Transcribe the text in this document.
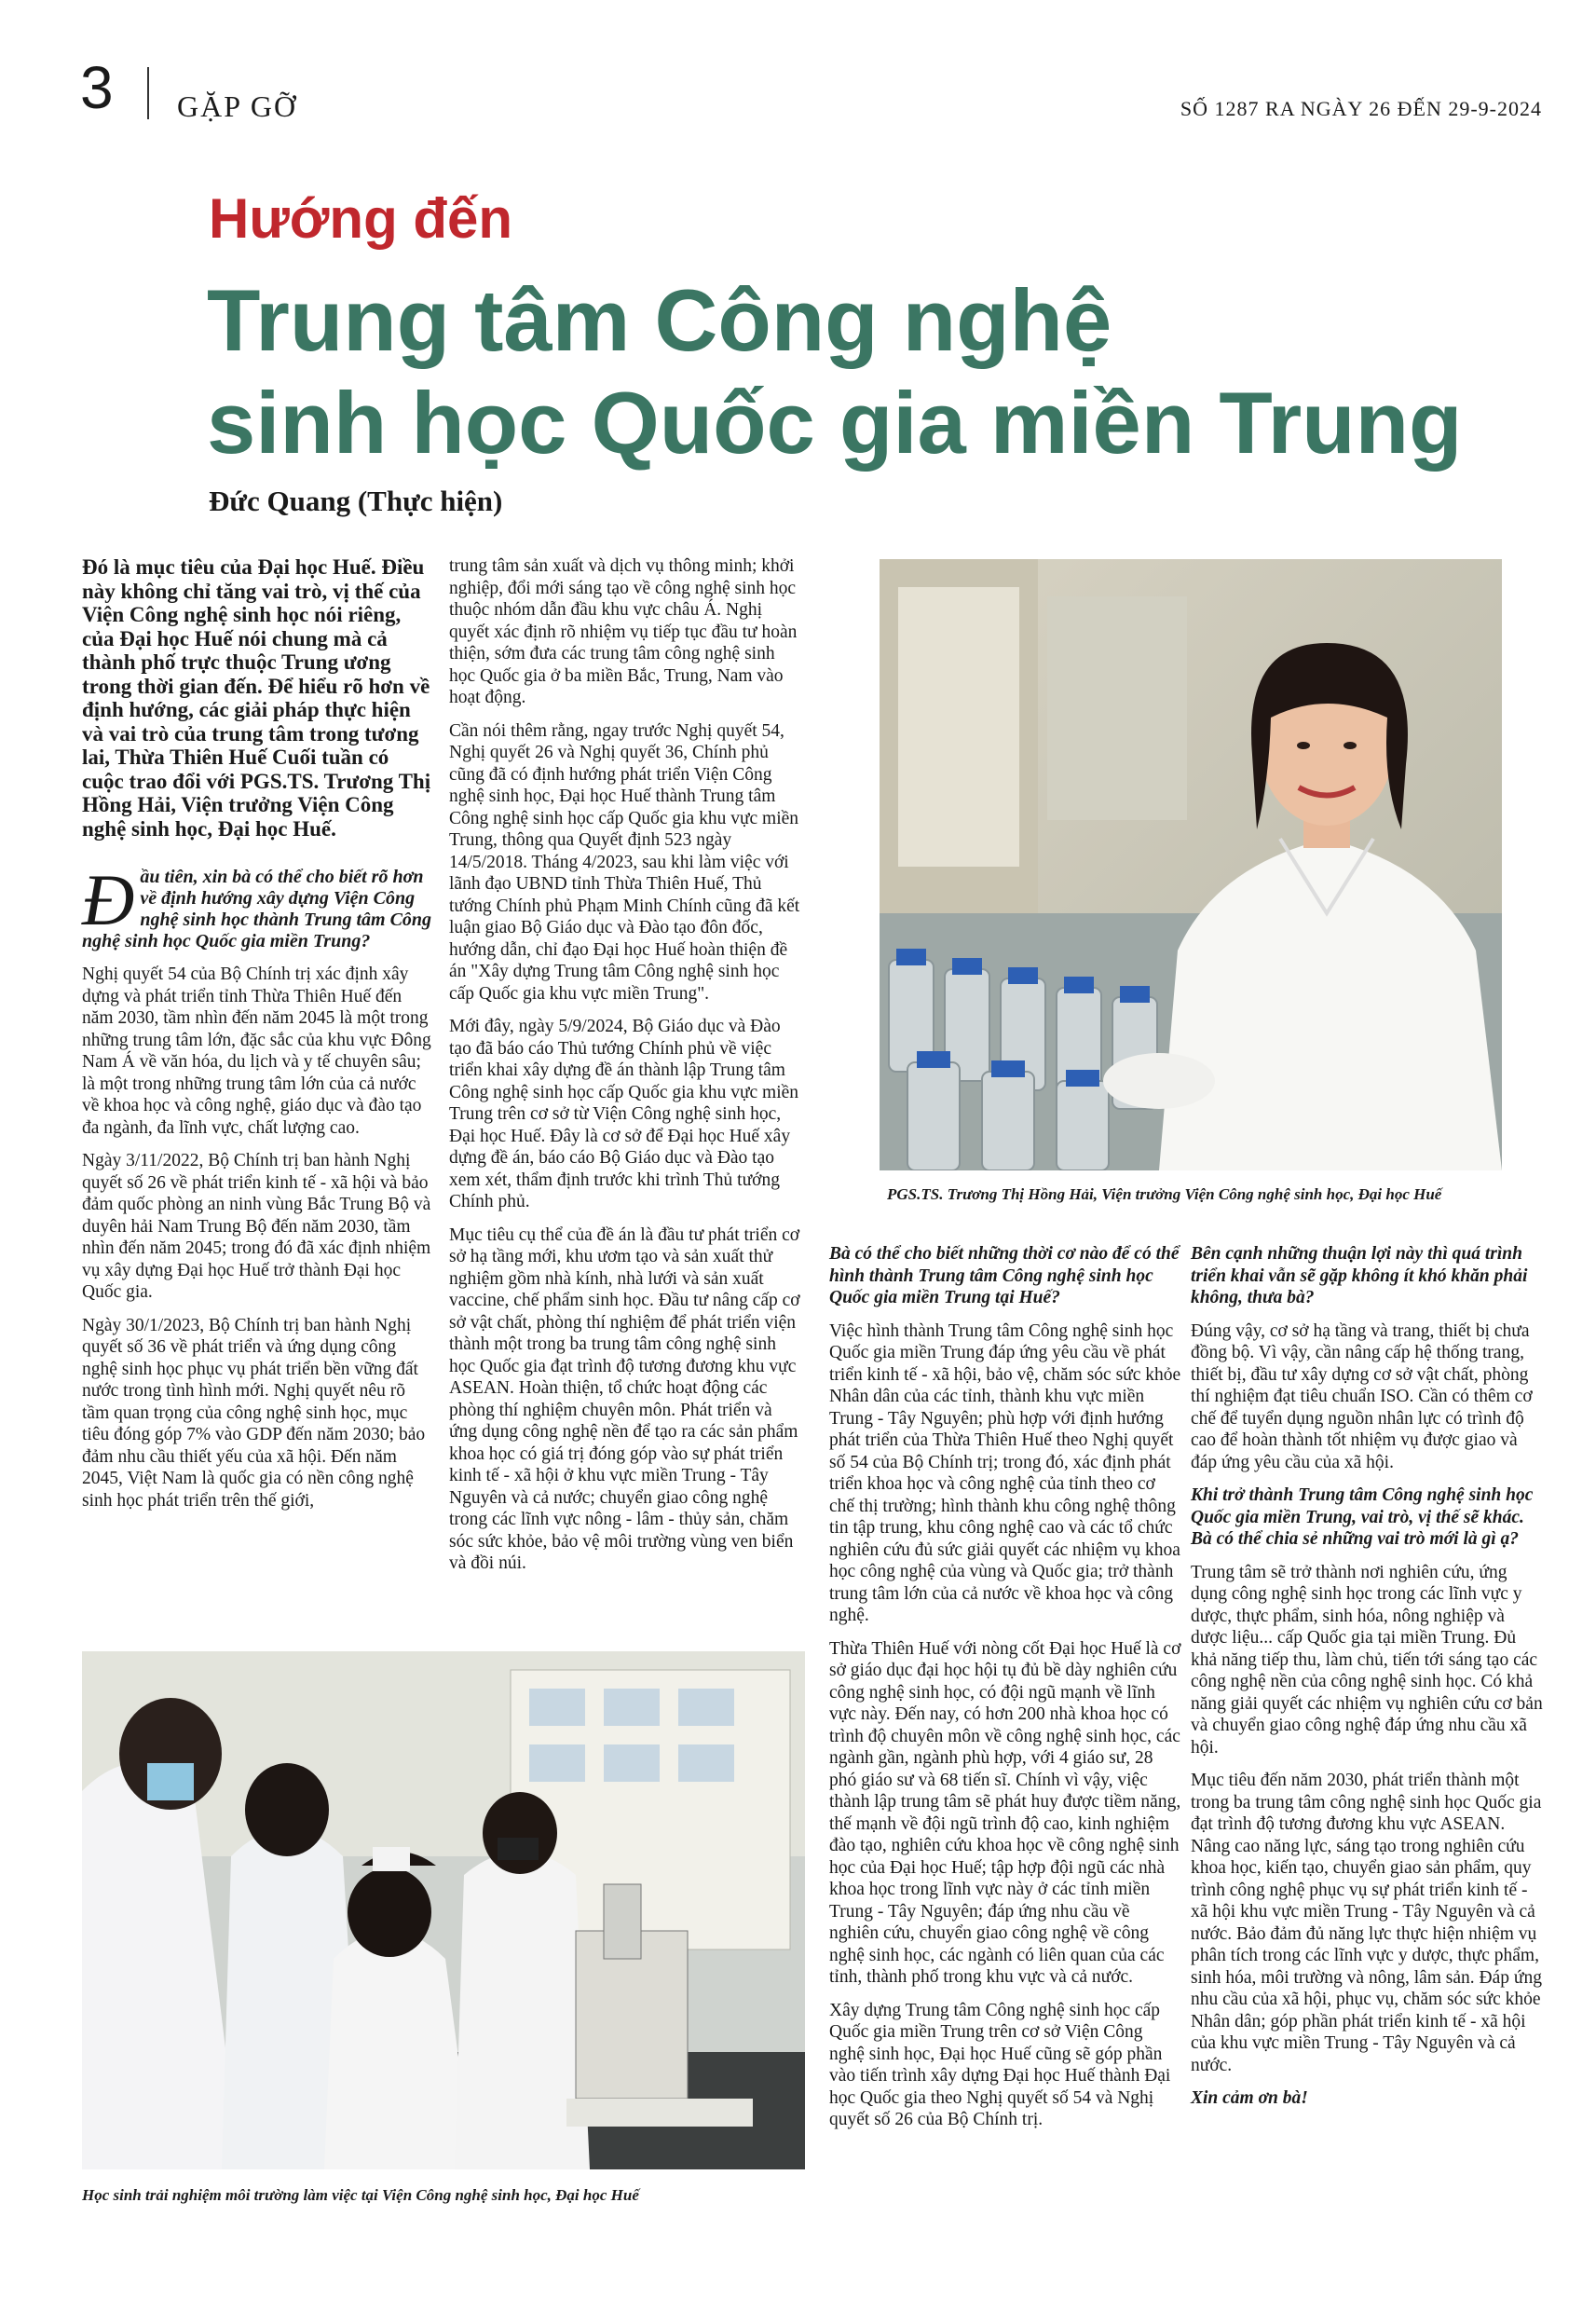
3 GẶP GỠ	SỐ 1287 RA NGÀY 26 ĐẾN 29-9-2024
Hướng đến
Trung tâm Công nghệ
sinh học Quốc gia miền Trung
Đức Quang (Thực hiện)

Đó là mục tiêu của Đại học Huế. Điều này không chỉ tăng vai trò, vị thế của Viện Công nghệ sinh học nói riêng, của Đại học Huế nói chung mà cả thành phố trực thuộc Trung ương trong thời gian đến. Để hiểu rõ hơn về định hướng, các giải pháp thực hiện và vai trò của trung tâm trong tương lai, Thừa Thiên Huế Cuối tuần có cuộc trao đổi với PGS.TS. Trương Thị Hồng Hải, Viện trưởng Viện Công nghệ sinh học, Đại học Huế.

Đầu tiên, xin bà có thể cho biết rõ hơn về định hướng xây dựng Viện Công nghệ sinh học thành Trung tâm Công nghệ sinh học Quốc gia miền Trung?

Nghị quyết 54 của Bộ Chính trị xác định xây dựng và phát triển tỉnh Thừa Thiên Huế đến năm 2030, tầm nhìn đến năm 2045 là một trong những trung tâm lớn, đặc sắc của khu vực Đông Nam Á về văn hóa, du lịch và y tế chuyên sâu; là một trong những trung tâm lớn của cả nước về khoa học và công nghệ, giáo dục và đào tạo đa ngành, đa lĩnh vực, chất lượng cao.

Ngày 3/11/2022, Bộ Chính trị ban hành Nghị quyết số 26 về phát triển kinh tế - xã hội và bảo đảm quốc phòng an ninh vùng Bắc Trung Bộ và duyên hải Nam Trung Bộ đến năm 2030, tầm nhìn đến năm 2045; trong đó đã xác định nhiệm vụ xây dựng Đại học Huế trở thành Đại học Quốc gia.

Ngày 30/1/2023, Bộ Chính trị ban hành Nghị quyết số 36 về phát triển và ứng dụng công nghệ sinh học phục vụ phát triển bền vững đất nước trong tình hình mới. Nghị quyết nêu rõ tầm quan trọng của công nghệ sinh học, mục tiêu đóng góp 7% vào GDP đến năm 2030; bảo đảm nhu cầu thiết yếu của xã hội. Đến năm 2045, Việt Nam là quốc gia có nền công nghệ sinh học phát triển trên thế giới,

trung tâm sản xuất và dịch vụ thông minh; khởi nghiệp, đổi mới sáng tạo về công nghệ sinh học thuộc nhóm dẫn đầu khu vực châu Á. Nghị quyết xác định rõ nhiệm vụ tiếp tục đầu tư hoàn thiện, sớm đưa các trung tâm công nghệ sinh học Quốc gia ở ba miền Bắc, Trung, Nam vào hoạt động.

Cần nói thêm rằng, ngay trước Nghị quyết 54, Nghị quyết 26 và Nghị quyết 36, Chính phủ cũng đã có định hướng phát triển Viện Công nghệ sinh học, Đại học Huế thành Trung tâm Công nghệ sinh học cấp Quốc gia khu vực miền Trung, thông qua Quyết định 523 ngày 14/5/2018. Tháng 4/2023, sau khi làm việc với lãnh đạo UBND tỉnh Thừa Thiên Huế, Thủ tướng Chính phủ Phạm Minh Chính cũng đã kết luận giao Bộ Giáo dục và Đào tạo đôn đốc, hướng dẫn, chỉ đạo Đại học Huế hoàn thiện đề án "Xây dựng Trung tâm Công nghệ sinh học cấp Quốc gia khu vực miền Trung".

Mới đây, ngày 5/9/2024, Bộ Giáo dục và Đào tạo đã báo cáo Thủ tướng Chính phủ về việc triển khai xây dựng đề án thành lập Trung tâm Công nghệ sinh học cấp Quốc gia khu vực miền Trung trên cơ sở từ Viện Công nghệ sinh học, Đại học Huế. Đây là cơ sở để Đại học Huế xây dựng đề án, báo cáo Bộ Giáo dục và Đào tạo xem xét, thẩm định trước khi trình Thủ tướng Chính phủ.

Mục tiêu cụ thể của đề án là đầu tư phát triển cơ sở hạ tầng mới, khu ươm tạo và sản xuất thử nghiệm gồm nhà kính, nhà lưới và sản xuất vaccine, chế phẩm sinh học. Đầu tư nâng cấp cơ sở vật chất, phòng thí nghiệm để phát triển viện thành một trong ba trung tâm công nghệ sinh học Quốc gia đạt trình độ tương đương khu vực ASEAN. Hoàn thiện, tổ chức hoạt động các phòng thí nghiệm chuyên môn. Phát triển và ứng dụng công nghệ nền để tạo ra các sản phẩm khoa học có giá trị đóng góp vào sự phát triển kinh tế - xã hội ở khu vực miền Trung - Tây Nguyên và cả nước; chuyển giao công nghệ trong các lĩnh vực nông - lâm - thủy sản, chăm sóc sức khỏe, bảo vệ môi trường vùng ven biển và đồi núi.

PGS.TS. Trương Thị Hồng Hải, Viện trưởng Viện Công nghệ sinh học, Đại học Huế

Bà có thể cho biết những thời cơ nào để có thể hình thành Trung tâm Công nghệ sinh học Quốc gia miền Trung tại Huế?

Việc hình thành Trung tâm Công nghệ sinh học Quốc gia miền Trung đáp ứng yêu cầu về phát triển kinh tế - xã hội, bảo vệ, chăm sóc sức khỏe Nhân dân của các tỉnh, thành khu vực miền Trung - Tây Nguyên; phù hợp với định hướng phát triển của Thừa Thiên Huế theo Nghị quyết số 54 của Bộ Chính trị; trong đó, xác định phát triển khoa học và công nghệ của tỉnh theo cơ chế thị trường; hình thành khu công nghệ thông tin tập trung, khu công nghệ cao và các tổ chức nghiên cứu đủ sức giải quyết các nhiệm vụ khoa học công nghệ của vùng và Quốc gia; trở thành trung tâm lớn của cả nước về khoa học và công nghệ.

Thừa Thiên Huế với nòng cốt Đại học Huế là cơ sở giáo dục đại học hội tụ đủ bề dày nghiên cứu công nghệ sinh học, có đội ngũ mạnh về lĩnh vực này. Đến nay, có hơn 200 nhà khoa học có trình độ chuyên môn về công nghệ sinh học, các ngành gần, ngành phù hợp, với 4 giáo sư, 28 phó giáo sư và 68 tiến sĩ. Chính vì vậy, việc thành lập trung tâm sẽ phát huy được tiềm năng, thế mạnh về đội ngũ trình độ cao, kinh nghiệm đào tạo, nghiên cứu khoa học về công nghệ sinh học của Đại học Huế; tập hợp đội ngũ các nhà khoa học trong lĩnh vực này ở các tỉnh miền Trung - Tây Nguyên; đáp ứng nhu cầu về nghiên cứu, chuyển giao công nghệ về công nghệ sinh học, các ngành có liên quan của các tỉnh, thành phố trong khu vực và cả nước.

Xây dựng Trung tâm Công nghệ sinh học cấp Quốc gia miền Trung trên cơ sở Viện Công nghệ sinh học, Đại học Huế cũng sẽ góp phần vào tiến trình xây dựng Đại học Huế thành Đại học Quốc gia theo Nghị quyết số 54 và Nghị quyết số 26 của Bộ Chính trị.

Bên cạnh những thuận lợi này thì quá trình triển khai vẫn sẽ gặp không ít khó khăn phải không, thưa bà?

Đúng vậy, cơ sở hạ tầng và trang, thiết bị chưa đồng bộ. Vì vậy, cần nâng cấp hệ thống trang, thiết bị, đầu tư xây dựng cơ sở vật chất, phòng thí nghiệm đạt tiêu chuẩn ISO. Cần có thêm cơ chế để tuyển dụng nguồn nhân lực có trình độ cao để hoàn thành tốt nhiệm vụ được giao và đáp ứng yêu cầu của xã hội.

Khi trở thành Trung tâm Công nghệ sinh học Quốc gia miền Trung, vai trò, vị thế sẽ khác. Bà có thể chia sẻ những vai trò mới là gì ạ?

Trung tâm sẽ trở thành nơi nghiên cứu, ứng dụng công nghệ sinh học trong các lĩnh vực y dược, thực phẩm, sinh hóa, nông nghiệp và dược liệu... cấp Quốc gia tại miền Trung. Đủ khả năng tiếp thu, làm chủ, tiến tới sáng tạo các công nghệ nền của công nghệ sinh học. Có khả năng giải quyết các nhiệm vụ nghiên cứu cơ bản và chuyển giao công nghệ đáp ứng nhu cầu xã hội.

Mục tiêu đến năm 2030, phát triển thành một trong ba trung tâm công nghệ sinh học Quốc gia đạt trình độ tương đương khu vực ASEAN. Nâng cao năng lực, sáng tạo trong nghiên cứu khoa học, kiến tạo, chuyển giao sản phẩm, quy trình công nghệ phục vụ sự phát triển kinh tế - xã hội khu vực miền Trung - Tây Nguyên và cả nước. Bảo đảm đủ năng lực thực hiện nhiệm vụ phân tích trong các lĩnh vực y dược, thực phẩm, sinh hóa, môi trường và nông, lâm sản. Đáp ứng nhu cầu của xã hội, phục vụ, chăm sóc sức khỏe Nhân dân; góp phần phát triển kinh tế - xã hội của khu vực miền Trung - Tây Nguyên và cả nước.

Xin cảm ơn bà!

Học sinh trải nghiệm môi trường làm việc tại Viện Công nghệ sinh học, Đại học Huế
